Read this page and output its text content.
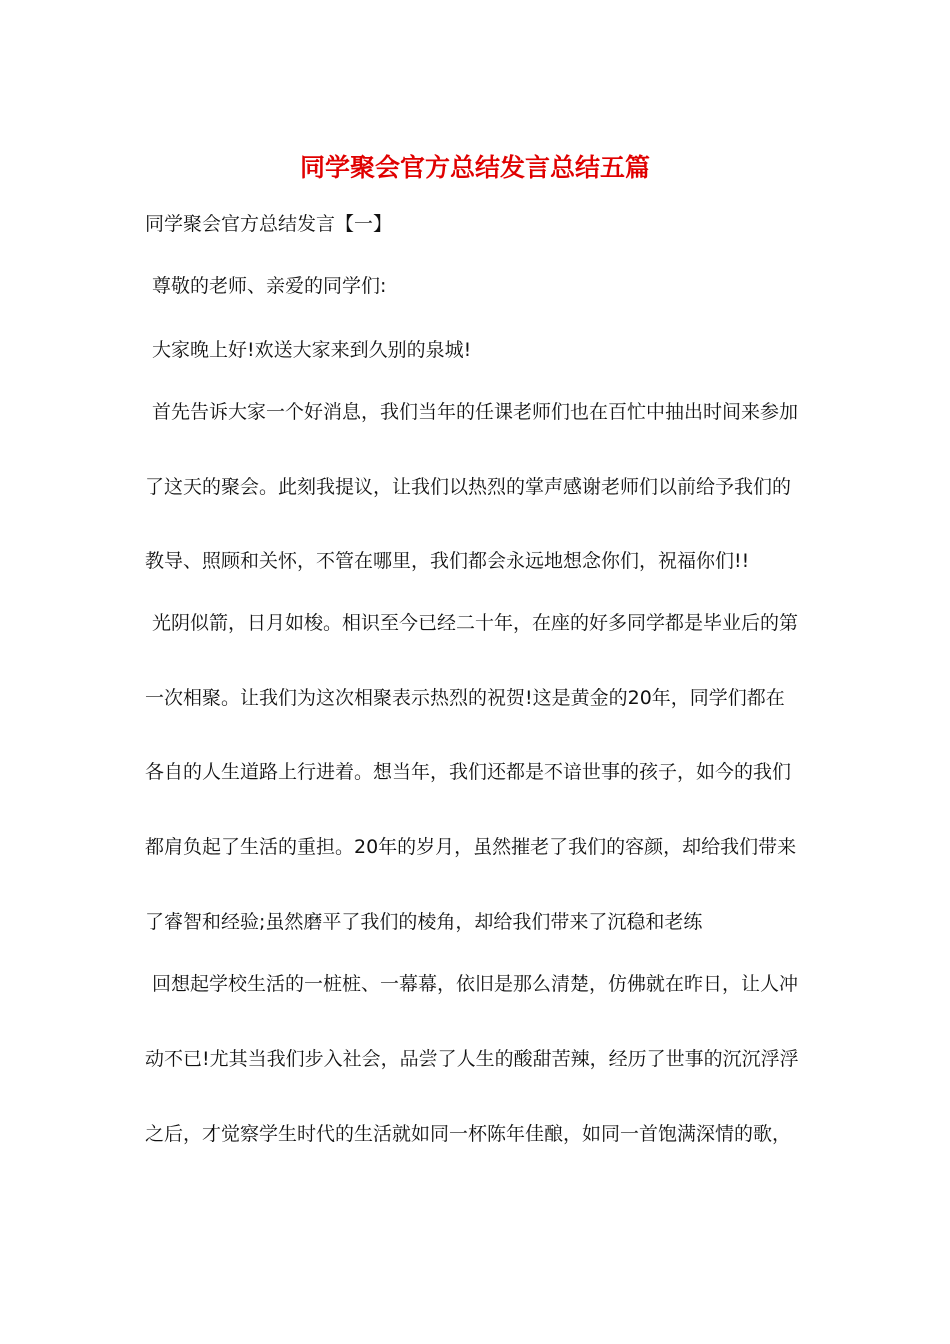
同学聚会官方总结发言总结五篇
同学聚会官方总结发言【一】
尊敬的老师、亲爱的同学们:
大家晚上好!欢送大家来到久别的泉城!
首先告诉大家一个好消息，我们当年的任课老师们也在百忙中抽出时间来参加
了这天的聚会。此刻我提议，让我们以热烈的掌声感谢老师们以前给予我们的
教导、照顾和关怀，不管在哪里，我们都会永远地想念你们，祝福你们!!
光阴似箭，日月如梭。相识至今已经二十年，在座的好多同学都是毕业后的第
一次相聚。让我们为这次相聚表示热烈的祝贺!这是黄金的20年，同学们都在
各自的人生道路上行进着。想当年，我们还都是不谙世事的孩子，如今的我们
都肩负起了生活的重担。20年的岁月，虽然摧老了我们的容颜，却给我们带来
了睿智和经验;虽然磨平了我们的棱角，却给我们带来了沉稳和老练
回想起学校生活的一桩桩、一幕幕，依旧是那么清楚，仿佛就在昨日，让人冲
动不已!尤其当我们步入社会，品尝了人生的酸甜苦辣，经历了世事的沉沉浮浮
之后，才觉察学生时代的生活就如同一杯陈年佳酿，如同一首饱满深情的歌，
